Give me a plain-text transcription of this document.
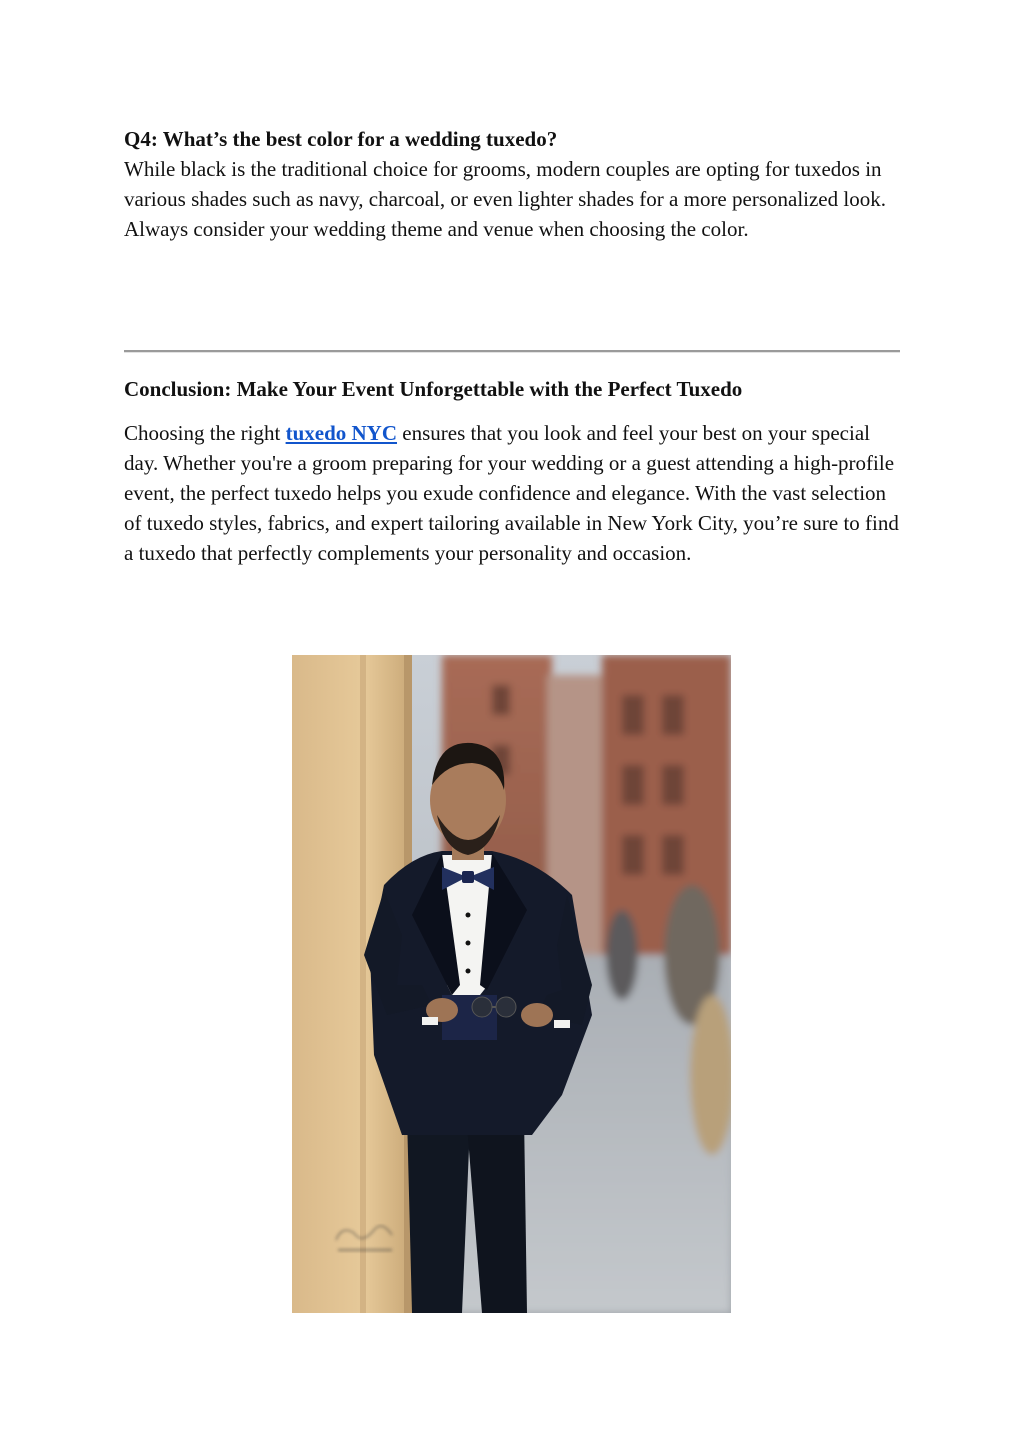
Q4: What’s the best color for a wedding tuxedo?

While black is the traditional choice for grooms, modern couples are opting for tuxedos in various shades such as navy, charcoal, or even lighter shades for a more personalized look. Always consider your wedding theme and venue when choosing the color.

Conclusion: Make Your Event Unforgettable with the Perfect Tuxedo

Choosing the right tuxedo NYC ensures that you look and feel your best on your special day. Whether you're a groom preparing for your wedding or a guest attending a high-profile event, the perfect tuxedo helps you exude confidence and elegance. With the vast selection of tuxedo styles, fabrics, and expert tailoring available in New York City, you’re sure to find a tuxedo that perfectly complements your personality and occasion.
